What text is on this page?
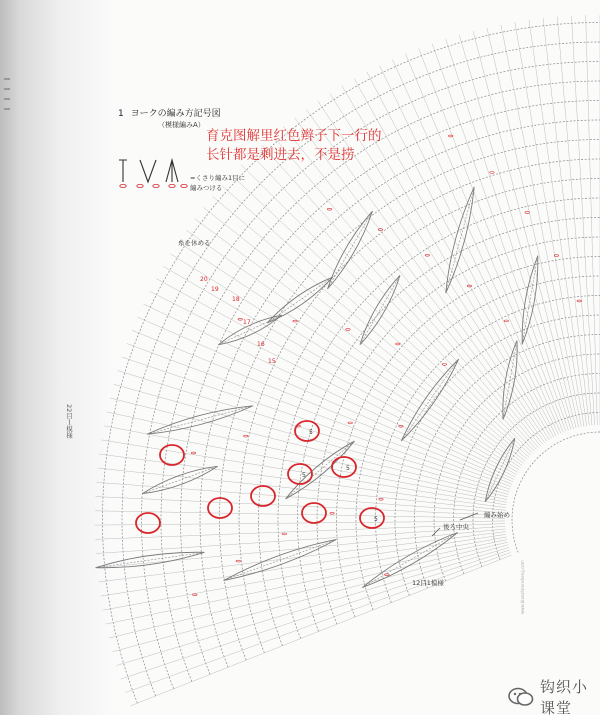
20
19
18
17
16
15
5
5
5
5
1 ヨークの編み方記号図
（模様編みA）
育克图解里红色辫子下一行的
长针都是剩进去，不是捞
=くさり編み1目に
編みつける
糸を休める
編み始め
後ろ中央
12目1模様
22目１模様
www.bianzhirensheng.com
钩织小课堂
